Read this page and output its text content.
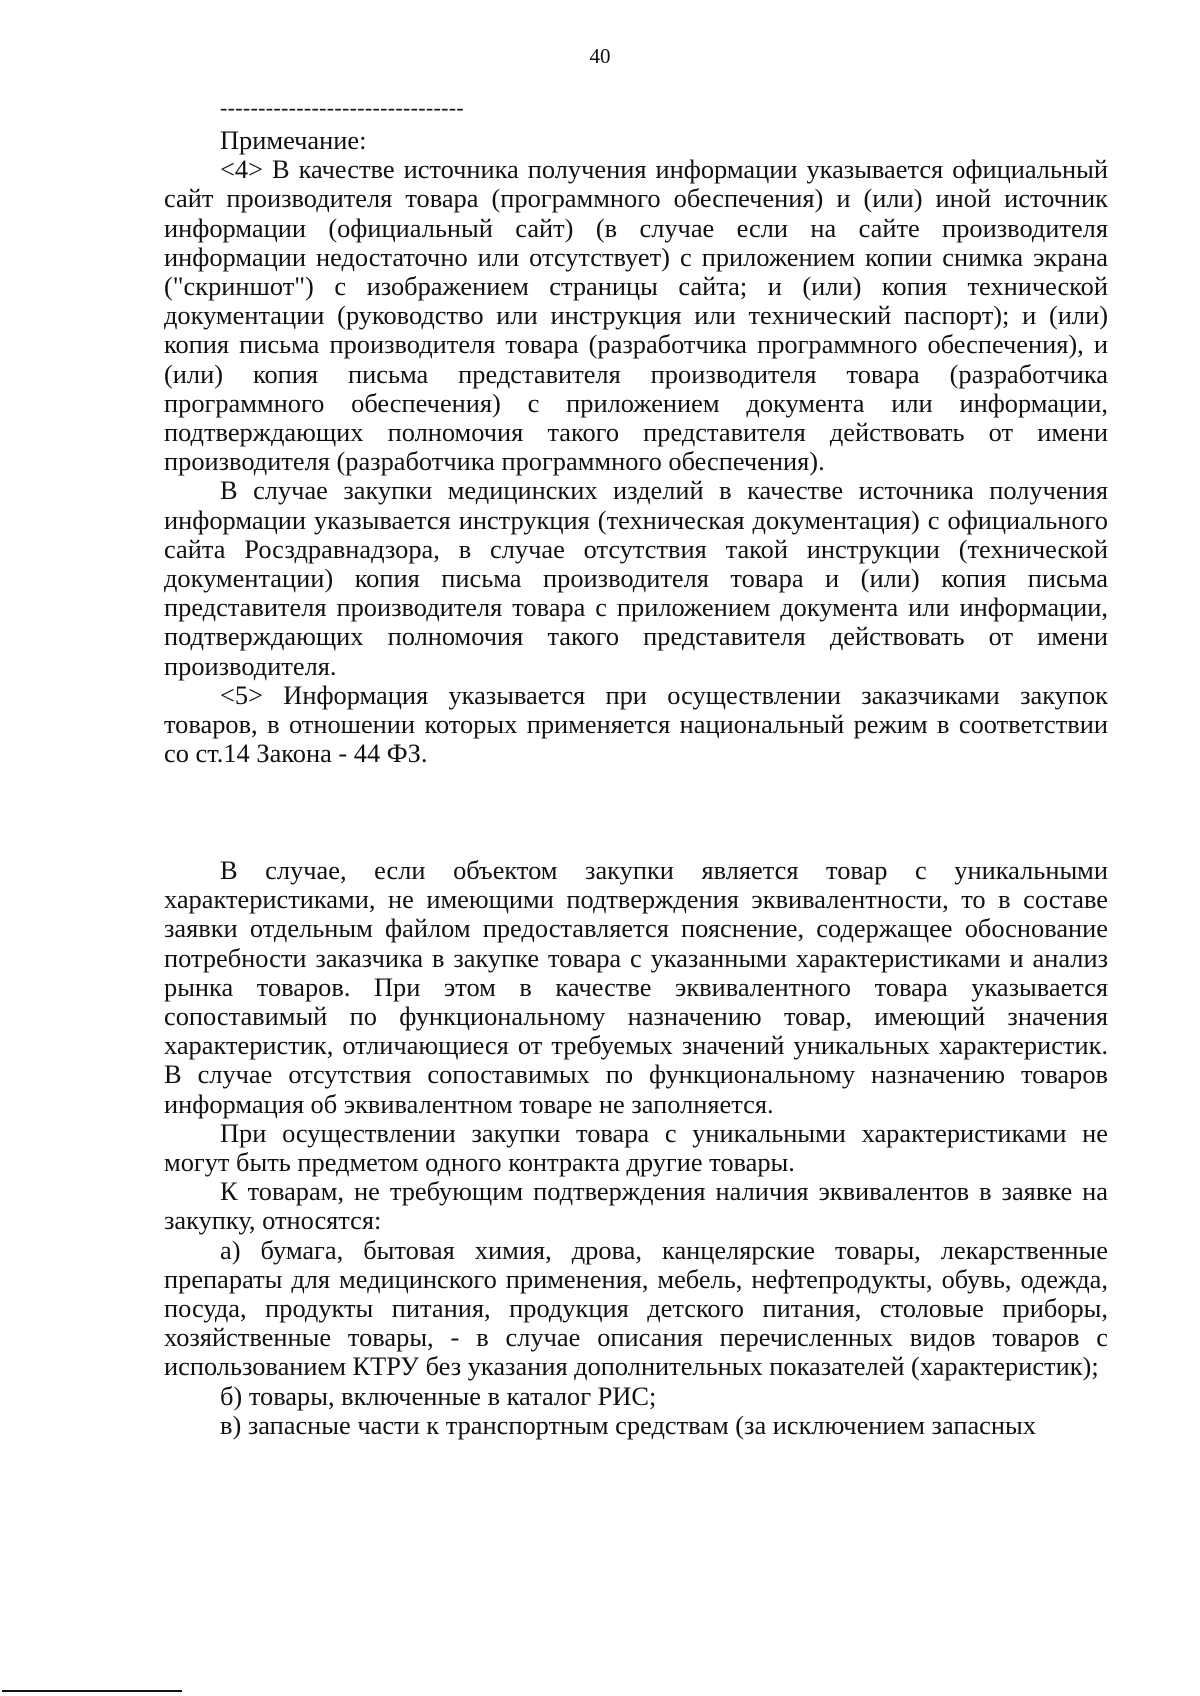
40
--------------------------------

Примечание:

<4> В качестве источника получения информации указывается официальный сайт производителя товара (программного обеспечения) и (или) иной источник информации (официальный сайт) (в случае если на сайте производителя информации недостаточно или отсутствует) с приложением копии снимка экрана ("скриншот") с изображением страницы сайта; и (или) копия технической документации (руководство или инструкция или технический паспорт); и (или) копия письма производителя товара (разработчика программного обеспечения), и (или) копия письма представителя производителя товара (разработчика программного обеспечения) с приложением документа или информации, подтверждающих полномочия такого представителя действовать от имени производителя (разработчика программного обеспечения).

В случае закупки медицинских изделий в качестве источника получения информации указывается инструкция (техническая документация) с официального сайта Росздравнадзора, в случае отсутствия такой инструкции (технической документации) копия письма производителя товара и (или) копия письма представителя производителя товара с приложением документа или информации, подтверждающих полномочия такого представителя действовать от имени производителя.

<5> Информация указывается при осуществлении заказчиками закупок товаров, в отношении которых применяется национальный режим в соответствии со ст.14 Закона - 44 ФЗ.

В случае, если объектом закупки является товар с уникальными характеристиками, не имеющими подтверждения эквивалентности, то в составе заявки отдельным файлом предоставляется пояснение, содержащее обоснование потребности заказчика в закупке товара с указанными характеристиками и анализ рынка товаров. При этом в качестве эквивалентного товара указывается сопоставимый по функциональному назначению товар, имеющий значения характеристик, отличающиеся от требуемых значений уникальных характеристик. В случае отсутствия сопоставимых по функциональному назначению товаров информация об эквивалентном товаре не заполняется.

При осуществлении закупки товара с уникальными характеристиками не могут быть предметом одного контракта другие товары.

К товарам, не требующим подтверждения наличия эквивалентов в заявке на закупку, относятся:

а) бумага, бытовая химия, дрова, канцелярские товары, лекарственные препараты для медицинского применения, мебель, нефтепродукты, обувь, одежда, посуда, продукты питания, продукция детского питания, столовые приборы, хозяйственные товары, - в случае описания перечисленных видов товаров с использованием КТРУ без указания дополнительных показателей (характеристик);

б) товары, включенные в каталог РИС;

в) запасные части к транспортным средствам (за исключением запасных
